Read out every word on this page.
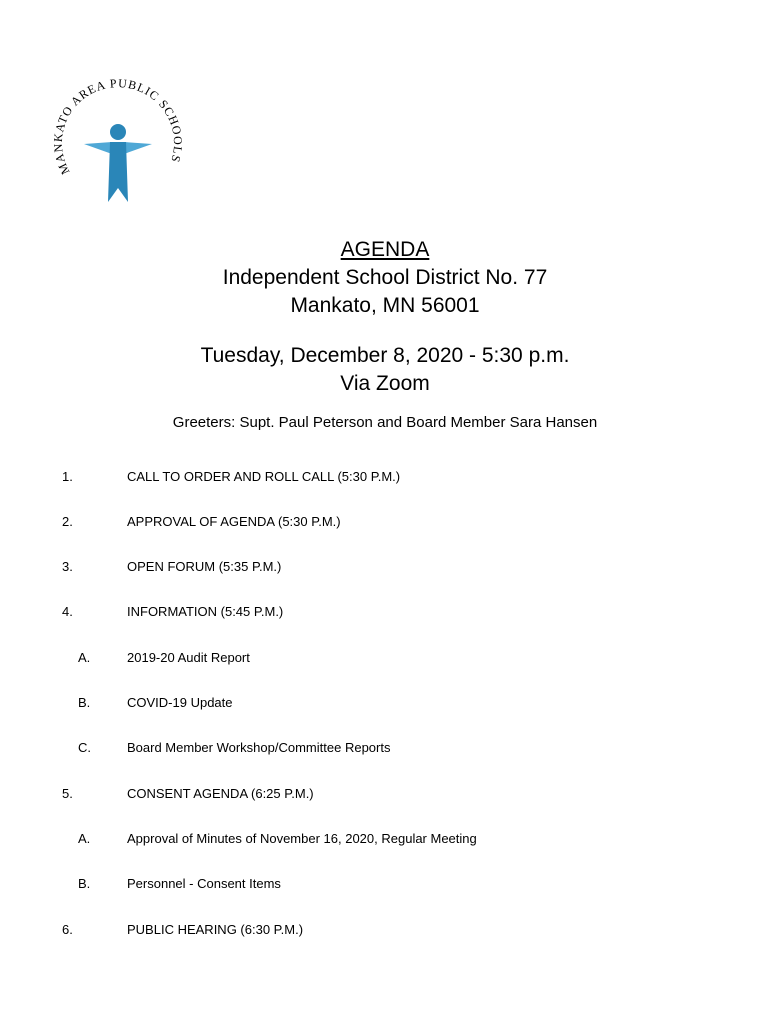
MANKATO AREA PUBLIC SCHOOLS
AGENDA
Independent School District No. 77
Mankato, MN 56001
Tuesday, December 8, 2020 - 5:30 p.m.
Via Zoom
Greeters: Supt. Paul Peterson and Board Member Sara Hansen
1.	CALL TO ORDER AND ROLL CALL (5:30 P.M.)
2.	APPROVAL OF AGENDA (5:30 P.M.)
3.	OPEN FORUM (5:35 P.M.)
4.	INFORMATION (5:45 P.M.)
A.	2019-20 Audit Report
B.	COVID-19 Update
C.	Board Member Workshop/Committee Reports
5.	CONSENT AGENDA (6:25 P.M.)
A.	Approval of Minutes of November 16, 2020, Regular Meeting
B.	Personnel - Consent Items
6.	PUBLIC HEARING (6:30 P.M.)
